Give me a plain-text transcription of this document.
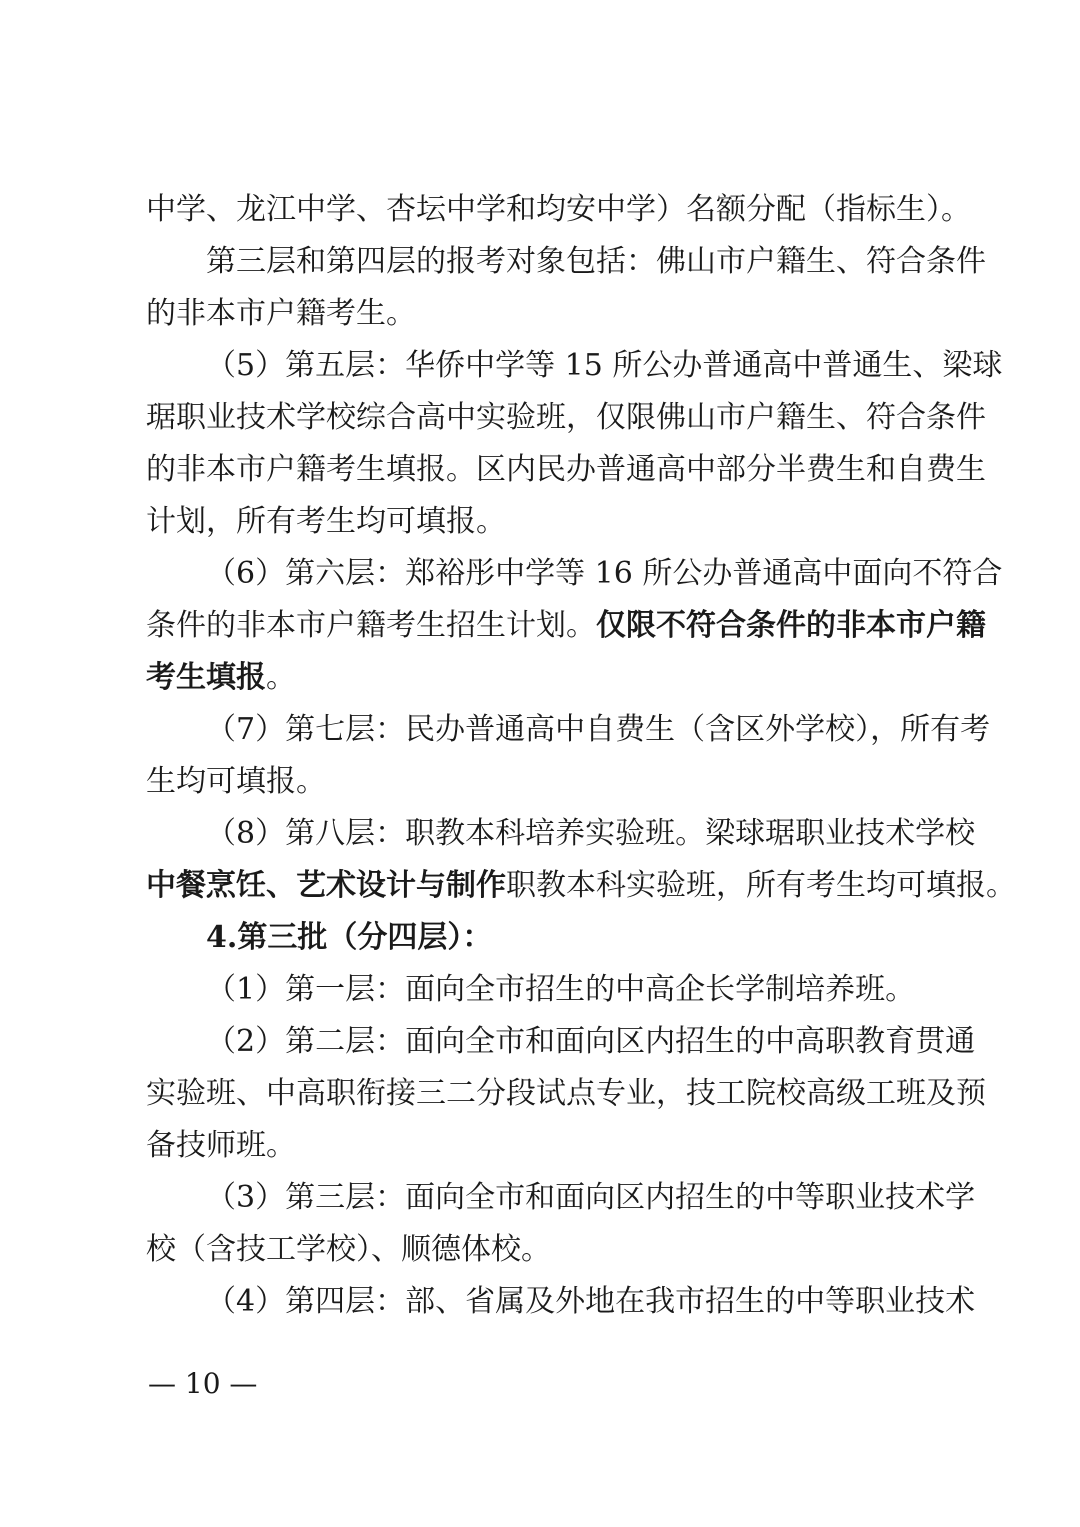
中学、龙江中学、杏坛中学和均安中学）名额分配（指标生）。
第三层和第四层的报考对象包括：佛山市户籍生、符合条件
的非本市户籍考生。
（5）第五层：华侨中学等 15 所公办普通高中普通生、梁球
琚职业技术学校综合高中实验班，仅限佛山市户籍生、符合条件
的非本市户籍考生填报。区内民办普通高中部分半费生和自费生
计划，所有考生均可填报。
（6）第六层：郑裕彤中学等 16 所公办普通高中面向不符合
条件的非本市户籍考生招生计划。仅限不符合条件的非本市户籍
考生填报。
（7）第七层：民办普通高中自费生（含区外学校），所有考
生均可填报。
（8）第八层：职教本科培养实验班。梁球琚职业技术学校
中餐烹饪、艺术设计与制作职教本科实验班，所有考生均可填报。
4.第三批（分四层）：
（1）第一层：面向全市招生的中高企长学制培养班。
（2）第二层：面向全市和面向区内招生的中高职教育贯通
实验班、中高职衔接三二分段试点专业，技工院校高级工班及预
备技师班。
（3）第三层：面向全市和面向区内招生的中等职业技术学
校（含技工学校）、顺德体校。
（4）第四层：部、省属及外地在我市招生的中等职业技术
— 10 —
